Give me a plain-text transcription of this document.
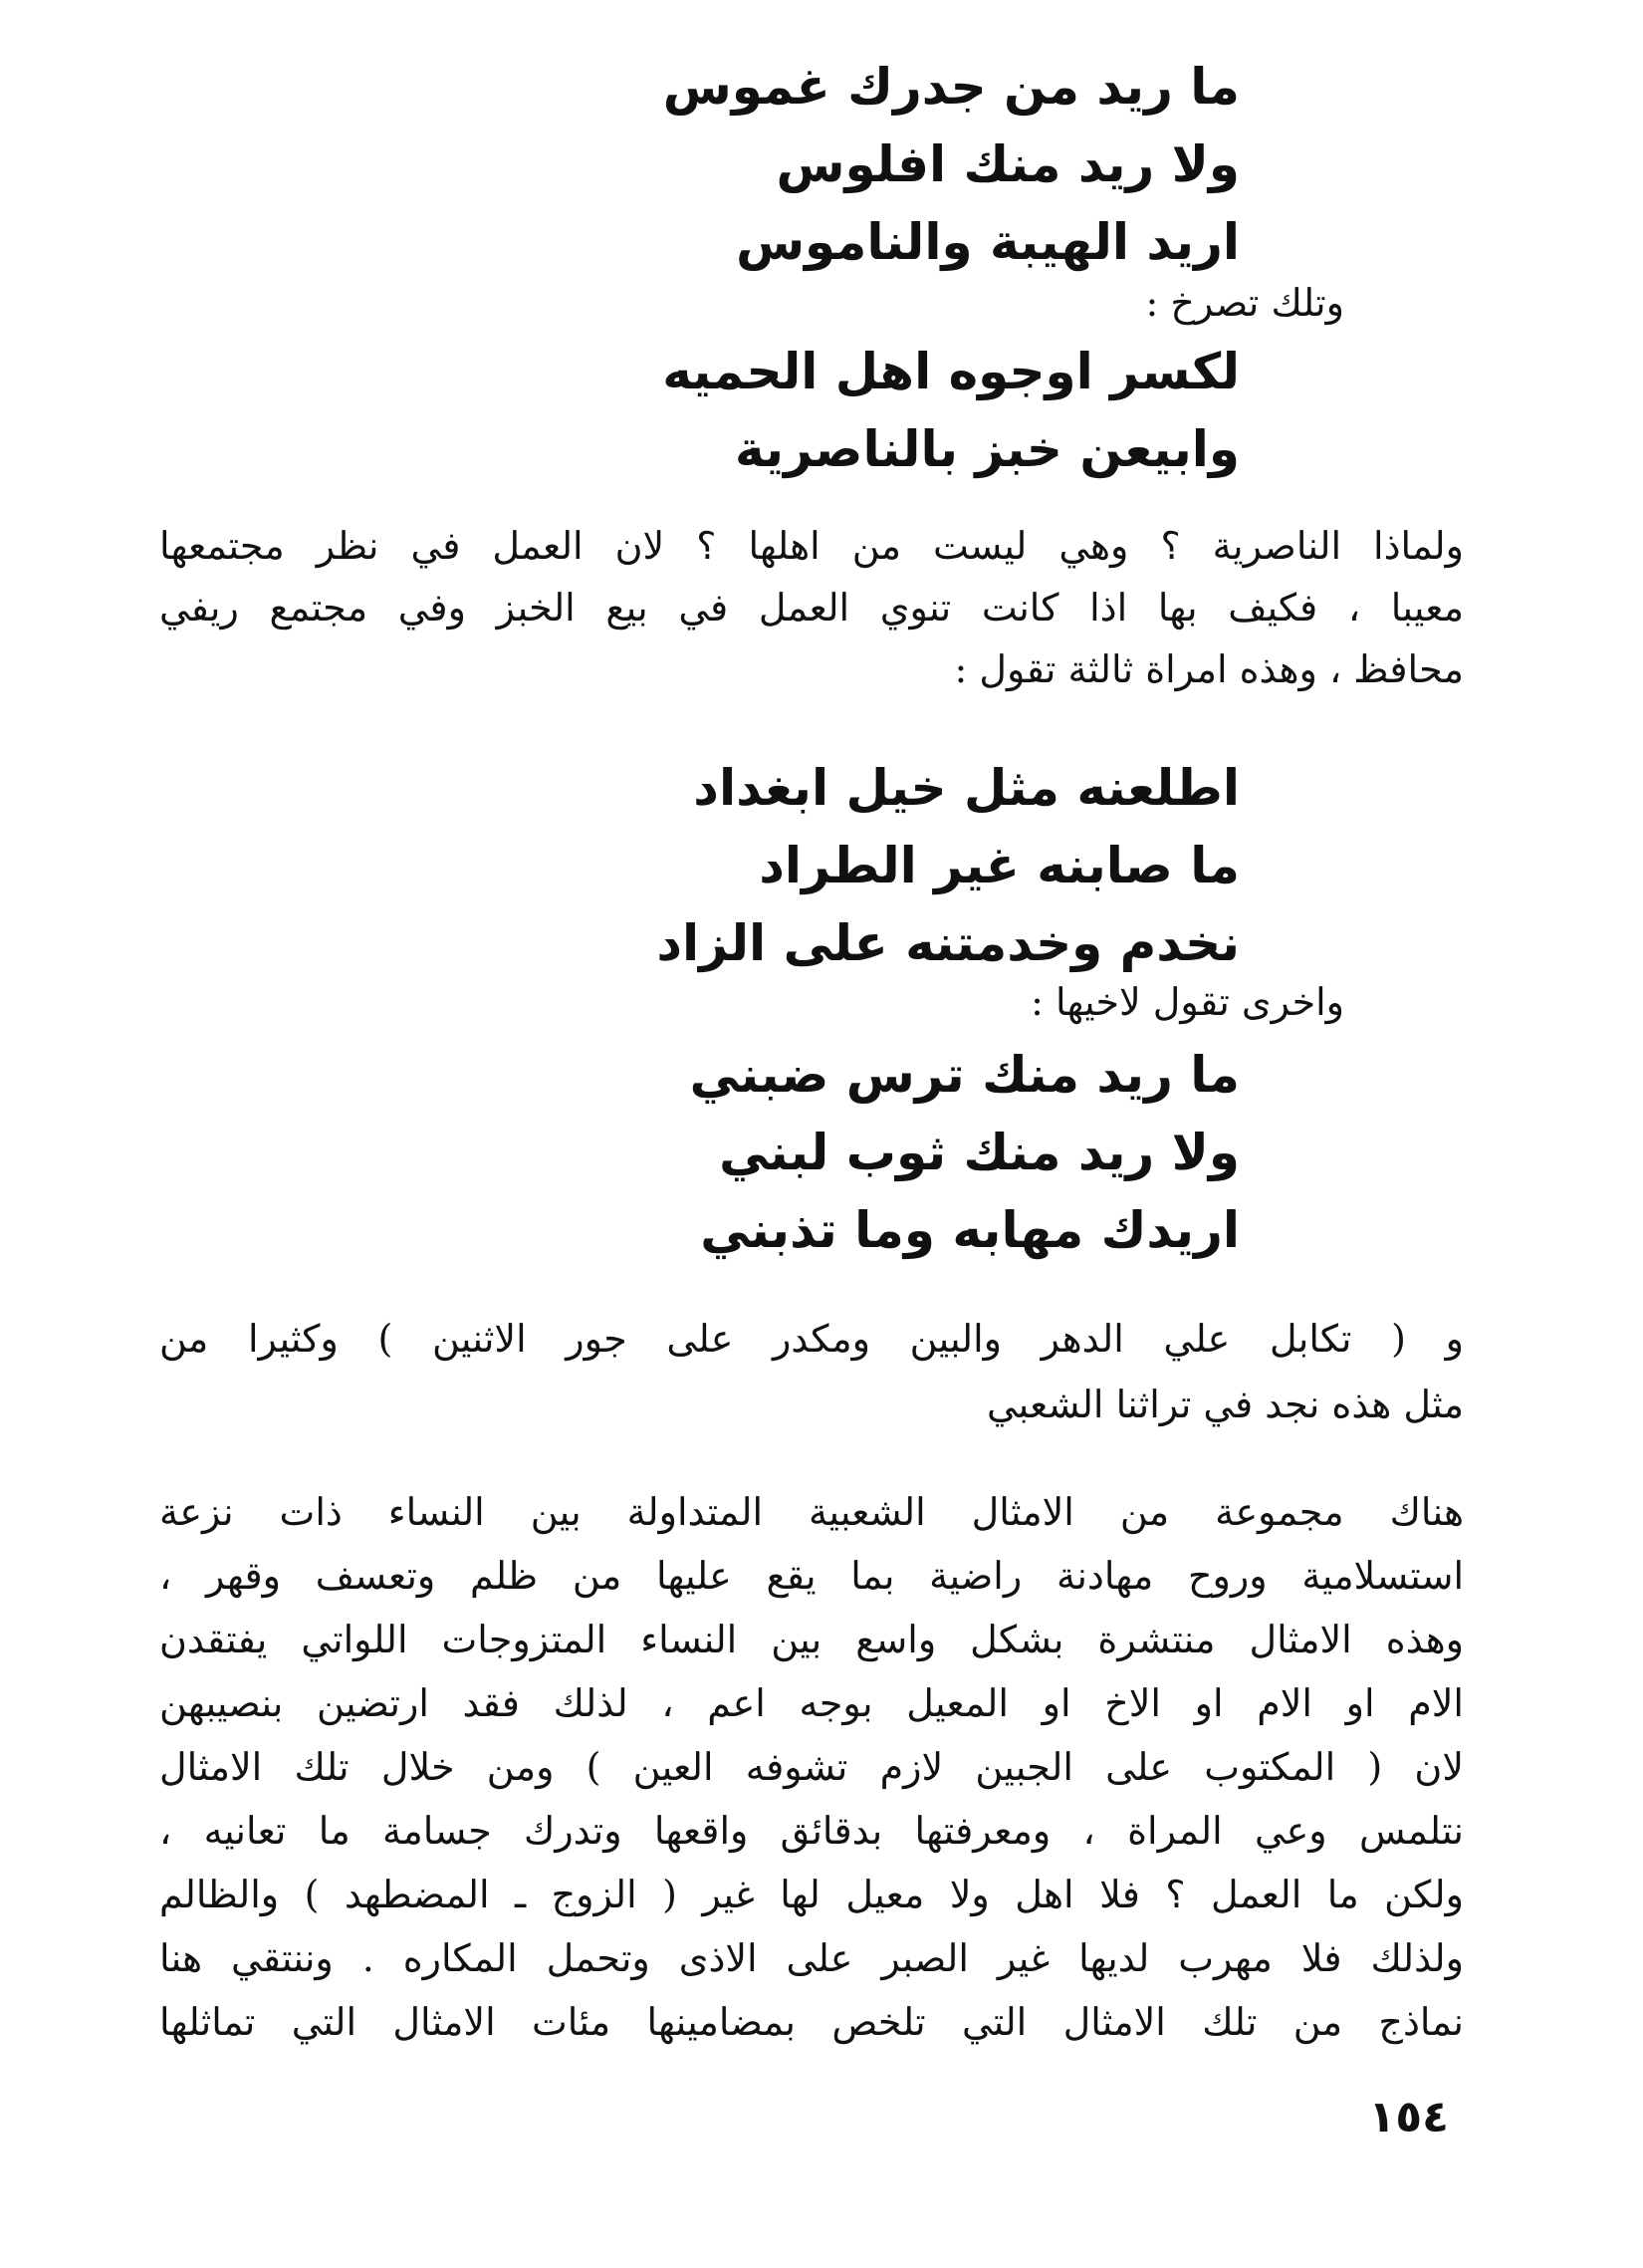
ما ريد من جدرك غموس
ولا ريد منك افلوس
اريد الهيبة والناموس
وتلك تصرخ :
لكسر اوجوه اهل الحميه
وابيعن خبز بالناصرية
ولماذا الناصرية ؟ وهي ليست من اهلها ؟ لان العمل في نظر مجتمعها
معيبا ، فكيف بها اذا كانت تنوي العمل في بيع الخبز وفي مجتمع ريفي
محافظ ، وهذه امراة ثالثة تقول :
اطلعنه مثل خيل ابغداد
ما صابنه غير الطراد
نخدم وخدمتنه على الزاد
واخرى تقول لاخيها :
ما ريد منك ترس ضبني
ولا ريد منك ثوب لبني
اريدك مهابه وما تذبني
و ( تكابل علي الدهر والبين ومكدر على جور الاثنين ) وكثيرا من
مثل هذه نجد في تراثنا الشعبي
هناك مجموعة من الامثال الشعبية المتداولة بين النساء ذات نزعة
استسلامية وروح مهادنة راضية بما يقع عليها من ظلم وتعسف وقهر ،
وهذه الامثال منتشرة بشكل واسع بين النساء المتزوجات اللواتي يفتقدن
الام او الام او الاخ او المعيل بوجه اعم ، لذلك فقد ارتضين بنصيبهن
لان ( المكتوب على الجبين لازم تشوفه العين ) ومن خلال تلك الامثال
نتلمس وعي المراة ، ومعرفتها بدقائق واقعها وتدرك جسامة ما تعانيه ،
ولكن ما العمل ؟ فلا اهل ولا معيل لها غير ( الزوج ـ المضطهد ) والظالم
ولذلك فلا مهرب لديها غير الصبر على الاذى وتحمل المكاره . وننتقي هنا
نماذج من تلك الامثال التي تلخص بمضامينها مئات الامثال التي تماثلها
١٥٤
